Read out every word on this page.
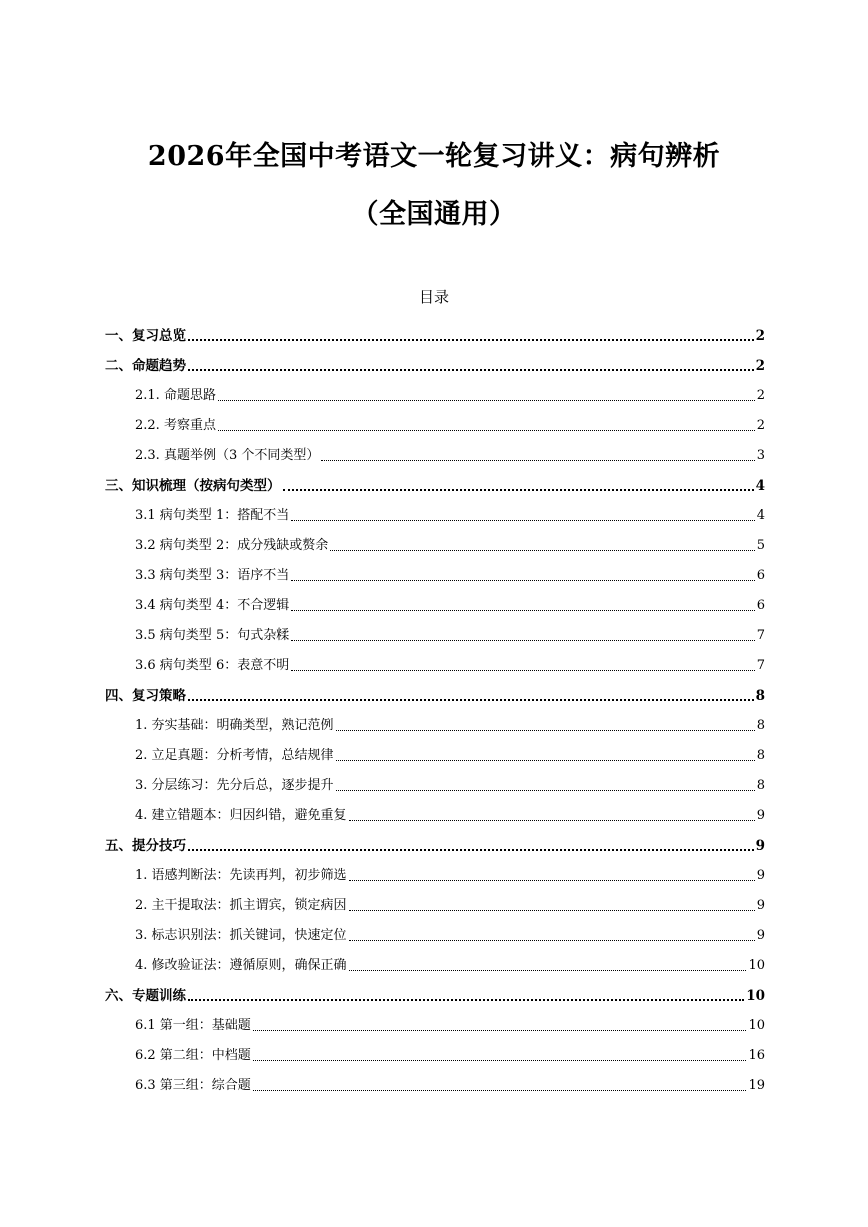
2026年全国中考语文一轮复习讲义：病句辨析
（全国通用）
目录
一、复习总览	2
二、命题趋势	2
2.1. 命题思路	2
2.2. 考察重点	2
2.3. 真题举例（3 个不同类型）	3
三、知识梳理（按病句类型）	4
3.1 病句类型 1：搭配不当	4
3.2 病句类型 2：成分残缺或赘余	5
3.3 病句类型 3：语序不当	6
3.4 病句类型 4：不合逻辑	6
3.5 病句类型 5：句式杂糅	7
3.6 病句类型 6：表意不明	7
四、复习策略	8
1. 夯实基础：明确类型，熟记范例	8
2. 立足真题：分析考情，总结规律	8
3. 分层练习：先分后总，逐步提升	8
4. 建立错题本：归因纠错，避免重复	9
五、提分技巧	9
1. 语感判断法：先读再判，初步筛选	9
2. 主干提取法：抓主谓宾，锁定病因	9
3. 标志识别法：抓关键词，快速定位	9
4. 修改验证法：遵循原则，确保正确	10
六、专题训练	10
6.1 第一组：基础题	10
6.2 第二组：中档题	16
6.3 第三组：综合题	19
